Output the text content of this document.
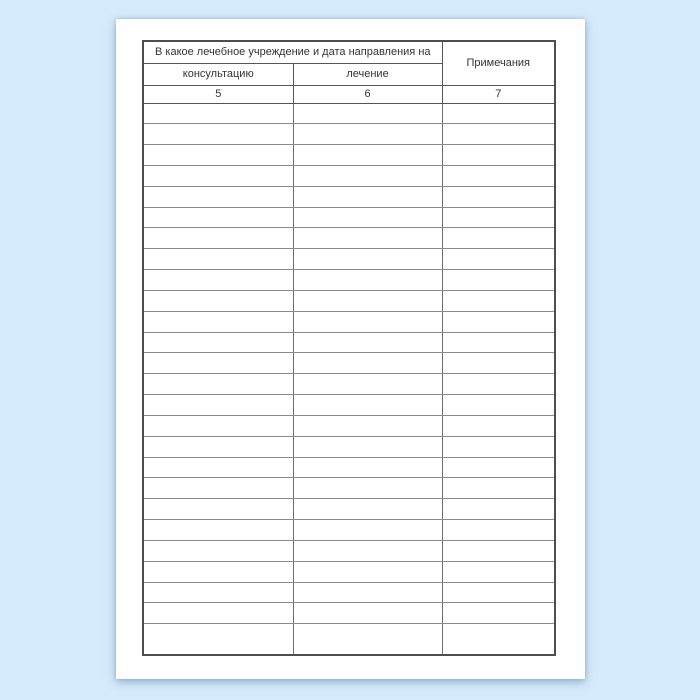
В какое лечебное учреждение и дата направления на		Примечания
консультацию	лечение	
5	6	7
